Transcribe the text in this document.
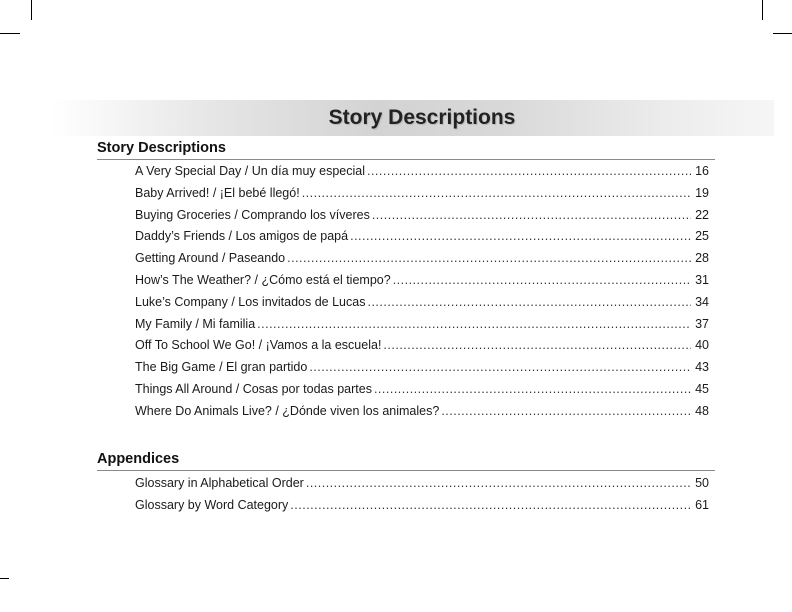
Story Descriptions
Story Descriptions
A Very Special Day / Un día muy especial .....	16
Baby Arrived! / ¡El bebé llegó! .....	19
Buying Groceries / Comprando los víveres .....	22
Daddy’s Friends / Los amigos de papá .....	25
Getting Around / Paseando .....	28
How’s The Weather? / ¿Cómo está el tiempo? .....	31
Luke’s Company / Los invitados de Lucas .....	34
My Family / Mi familia .....	37
Off To School We Go! / ¡Vamos a la escuela! .....	40
The Big Game / El gran partido .....	43
Things All Around / Cosas por todas partes .....	45
Where Do Animals Live? / ¿Dónde viven los animales? .....	48
Appendices
Glossary in Alphabetical Order .....	50
Glossary by Word Category .....	61
